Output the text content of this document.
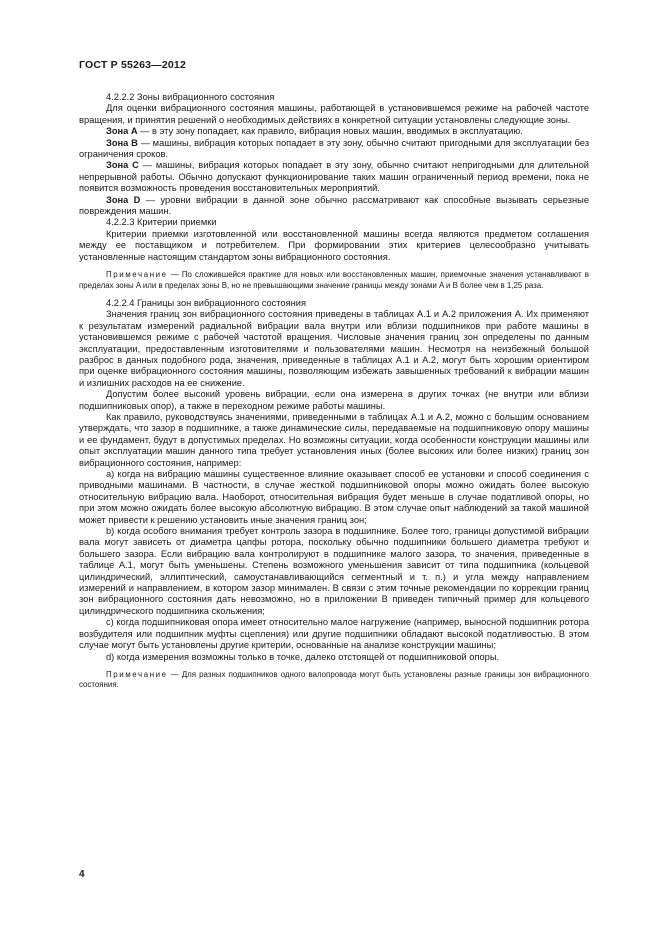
ГОСТ Р 55263—2012

4.2.2.2 Зоны вибрационного состояния

Для оценки вибрационного состояния машины, работающей в установившемся режиме на рабочей частоте вращения, и принятия решений о необходимых действиях в конкретной ситуации установлены следующие зоны.

Зона A — в эту зону попадает, как правило, вибрация новых машин, вводимых в эксплуатацию.

Зона B — машины, вибрация которых попадает в эту зону, обычно считают пригодными для эксплуатации без ограничения сроков.

Зона C — машины, вибрация которых попадает в эту зону, обычно считают непригодными для длительной непрерывной работы. Обычно допускают функционирование таких машин ограниченный период времени, пока не появится возможность проведения восстановительных мероприятий.

Зона D — уровни вибрации в данной зоне обычно рассматривают как способные вызывать серьезные повреждения машин.

4.2.2.3 Критерии приемки

Критерии приемки изготовленной или восстановленной машины всегда являются предметом соглашения между ее поставщиком и потребителем. При формировании этих критериев целесообразно учитывать установленные настоящим стандартом зоны вибрационного состояния.

Примечание — По сложившейся практике для новых или восстановленных машин, приемочные значения устанавливают в пределах зоны A или в пределах зоны B, но не превышающими значение границы между зонами A и B более чем в 1,25 раза.

4.2.2.4 Границы зон вибрационного состояния

Значения границ зон вибрационного состояния приведены в таблицах A.1 и A.2 приложения A. Их применяют к результатам измерений радиальной вибрации вала внутри или вблизи подшипников при работе машины в установившемся режиме с рабочей частотой вращения. Числовые значения границ зон определены по данным эксплуатации, предоставленным изготовителями и пользователями машин. Несмотря на неизбежный большой разброс в данных подобного рода, значения, приведенные в таблицах A.1 и A.2, могут быть хорошим ориентиром при оценке вибрационного состояния машины, позволяющим избежать завышенных требований к вибрации машин и излишних расходов на ее снижение.

Допустим более высокий уровень вибрации, если она измерена в других точках (не внутри или вблизи подшипниковых опор), а также в переходном режиме работы машины.

Как правило, руководствуясь значениями, приведенными в таблицах A.1 и A.2, можно с большим основанием утверждать, что зазор в подшипнике, а также динамические силы, передаваемые на подшипниковую опору машины и ее фундамент, будут в допустимых пределах. Но возможны ситуации, когда особенности конструкции машины или опыт эксплуатации машин данного типа требует установления иных (более высоких или более низких) границ зон вибрационного состояния, например:

a) когда на вибрацию машины существенное влияние оказывает способ ее установки и способ соединения с приводными машинами. В частности, в случае жесткой подшипниковой опоры можно ожидать более высокую относительную вибрацию вала. Наоборот, относительная вибрация будет меньше в случае податливой опоры, но при этом можно ожидать более высокую абсолютную вибрацию. В этом случае опыт наблюдений за такой машиной может привести к решению установить иные значения границ зон;

b) когда особого внимания требует контроль зазора в подшипнике. Более того, границы допустимой вибрации вала могут зависеть от диаметра цапфы ротора, поскольку обычно подшипники большего диаметра требуют и большего зазора. Если вибрацию вала контролируют в подшипнике малого зазора, то значения, приведенные в таблице A.1, могут быть уменьшены. Степень возможного уменьшения зависит от типа подшипника (кольцевой цилиндрический, эллиптический, самоустанавливающийся сегментный и т. п.) и угла между направлением измерений и направлением, в котором зазор минимален. В связи с этим точные рекомендации по коррекции границ зон вибрационного состояния дать невозможно, но в приложении B приведен типичный пример для кольцевого цилиндрического подшипника скольжения;

c) когда подшипниковая опора имеет относительно малое нагружение (например, выносной подшипник ротора возбудителя или подшипник муфты сцепления) или другие подшипники обладают высокой податливостью. В этом случае могут быть установлены другие критерии, основанные на анализе конструкции машины;

d) когда измерения возможны только в точке, далеко отстоящей от подшипниковой опоры.

Примечание — Для разных подшипников одного валопровода могут быть установлены разные границы зон вибрационного состояния.

4
